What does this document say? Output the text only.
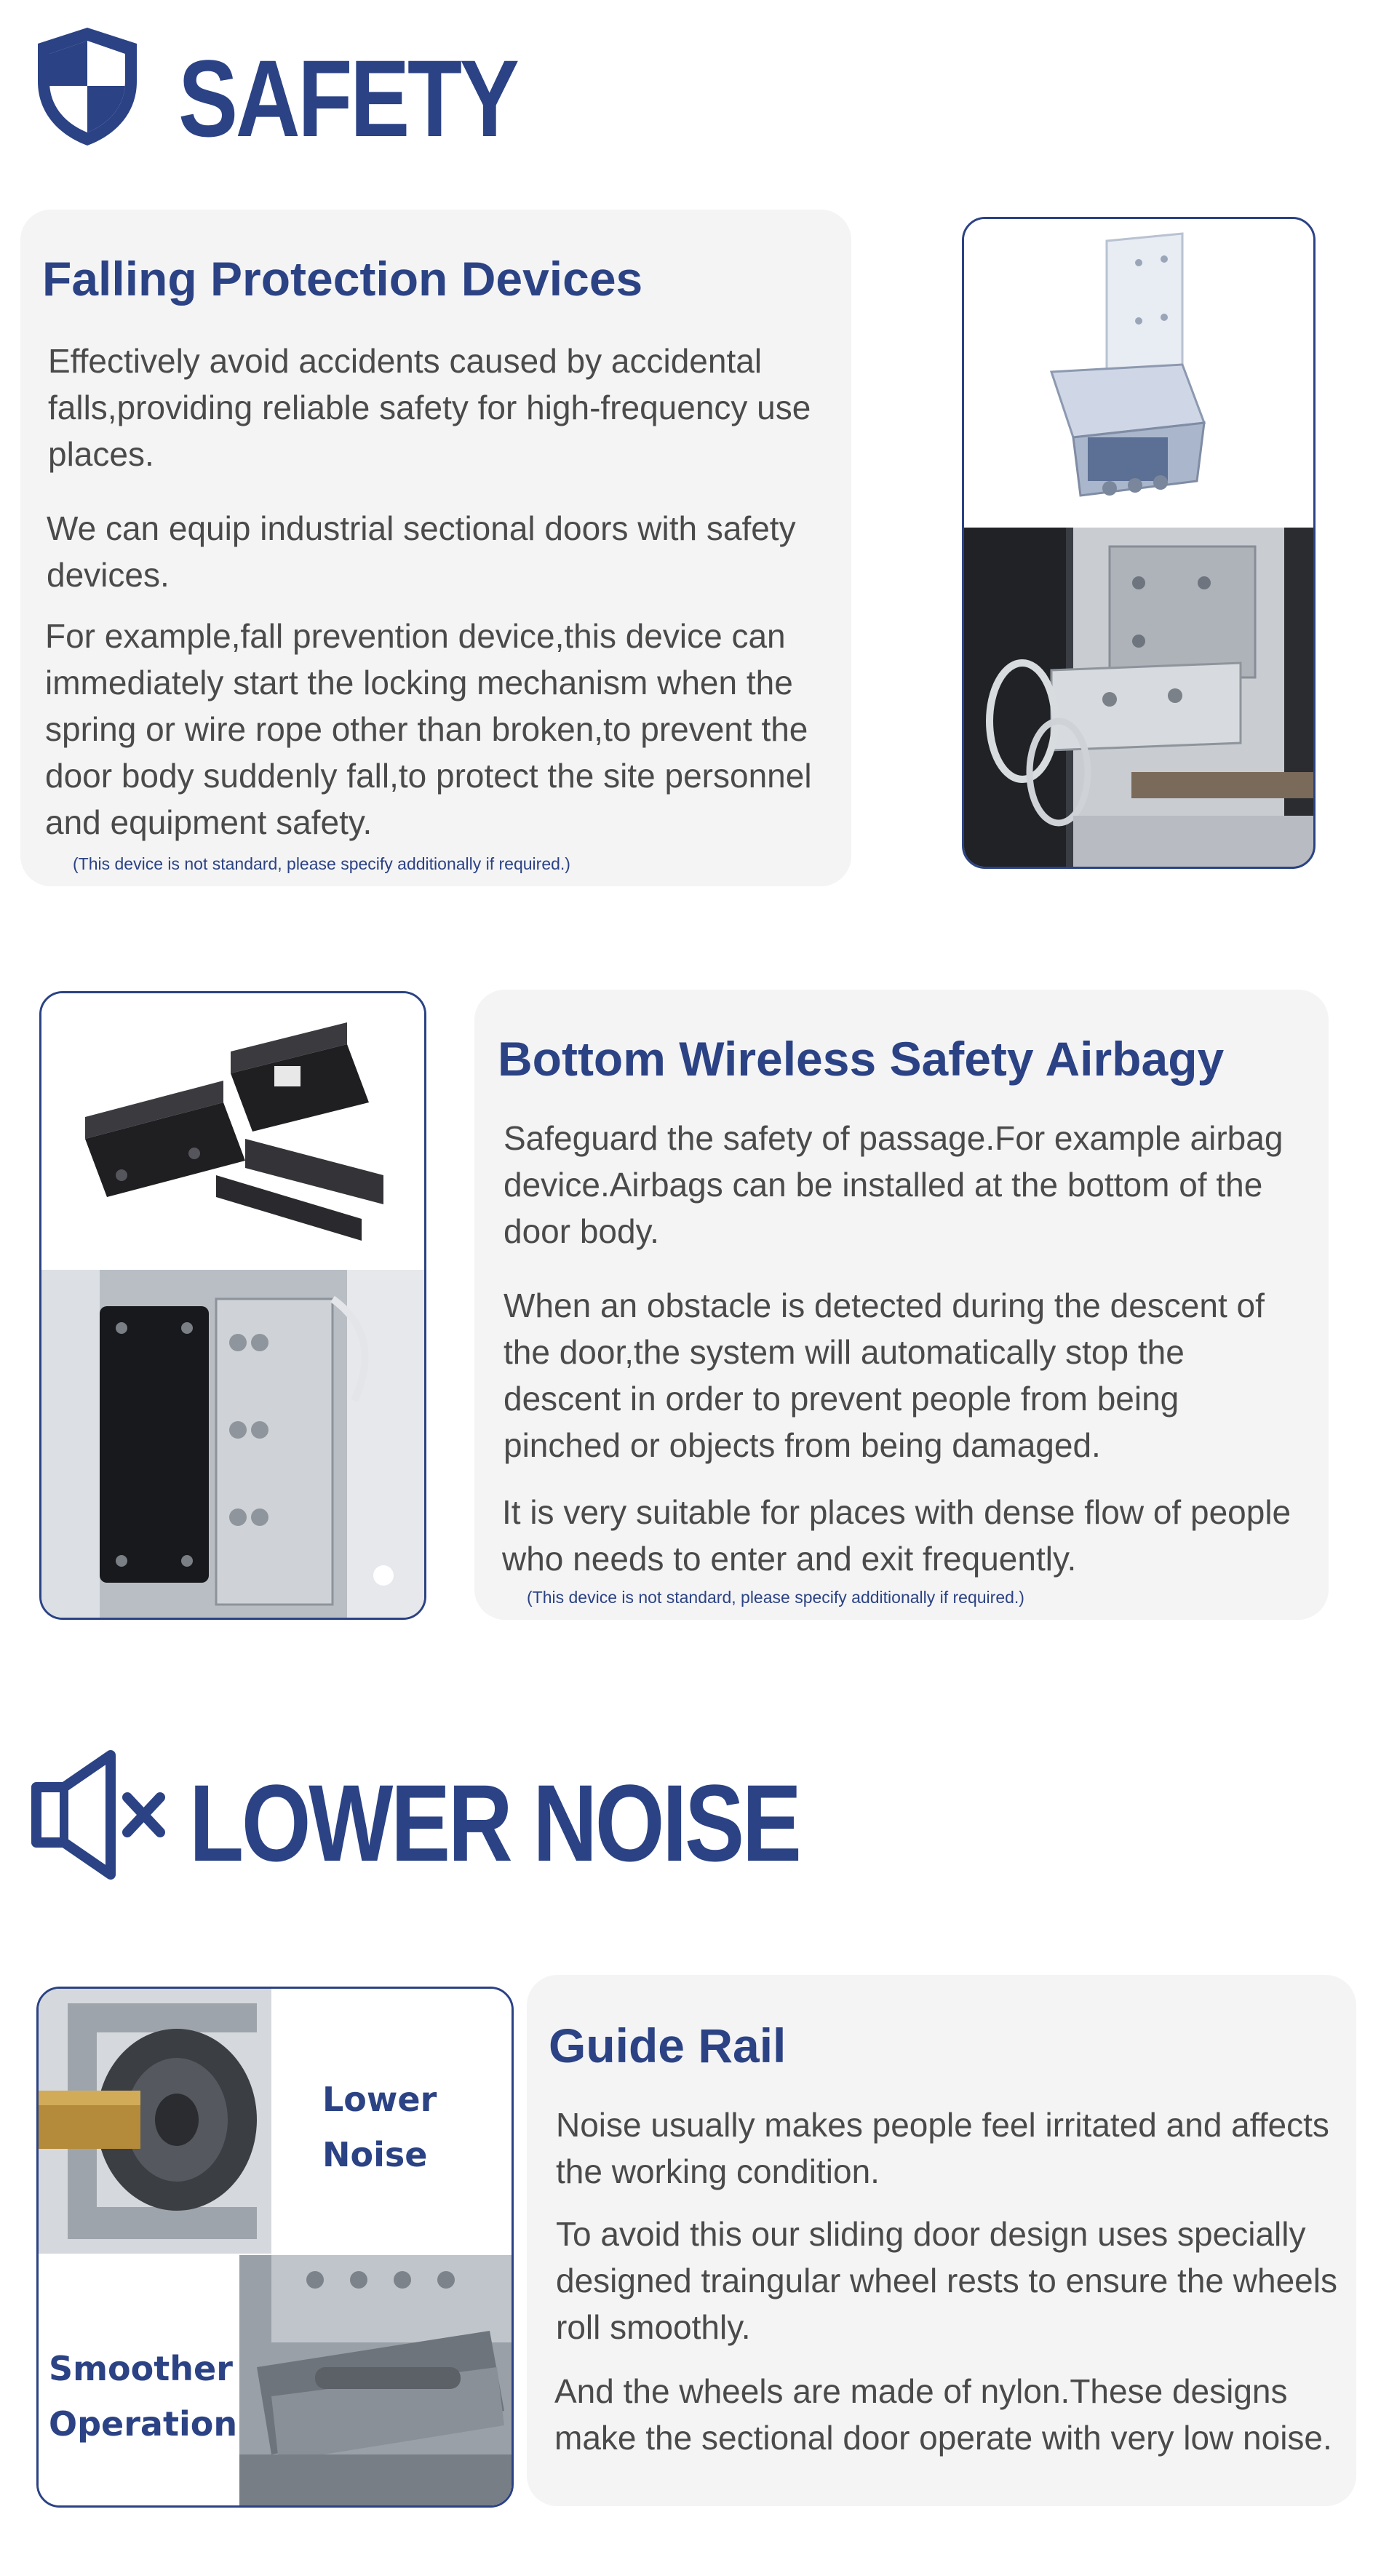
SAFETY
Falling Protection Devices

Effectively avoid accidents caused by accidental falls,providing reliable safety for high-frequency use places.

We can equip industrial sectional doors with safety devices.

For example,fall prevention device,this device can immediately start the locking mechanism when the spring or wire rope other than broken,to prevent the door body suddenly fall,to protect the site personnel and equipment safety.

(This device is not standard, please specify additionally if required.)

Bottom Wireless Safety Airbagy

Safeguard the safety of passage.For example airbag device.Airbags can be installed at the bottom of the door body.

When an obstacle is detected during the descent of the door,the system will automatically stop the descent in order to prevent people from being pinched or objects from being damaged.

It is very suitable for places with dense flow of people who needs to enter and exit frequently.

(This device is not standard, please specify additionally if required.)

LOWER NOISE
Lower
Noise
Smoother
Operation
Guide Rail

Noise usually makes people feel irritated and affects the working condition.

To avoid this our sliding door design uses specially designed traingular wheel rests to ensure the wheels roll smoothly.

And the wheels are made of nylon.These designs make the sectional door operate with very low noise.
